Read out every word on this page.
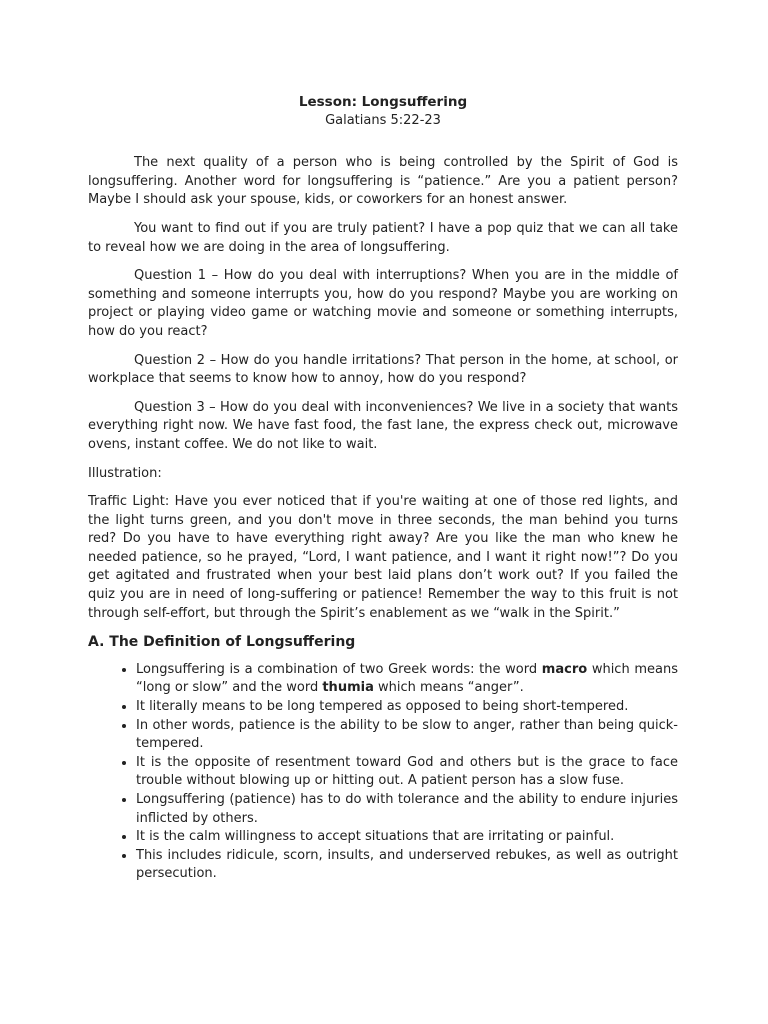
Lesson: Longsuffering

Galatians 5:22-23

The next quality of a person who is being controlled by the Spirit of God is longsuffering. Another word for longsuffering is “patience.” Are you a patient person? Maybe I should ask your spouse, kids, or coworkers for an honest answer.

You want to find out if you are truly patient? I have a pop quiz that we can all take to reveal how we are doing in the area of longsuffering.

Question 1 – How do you deal with interruptions? When you are in the middle of something and someone interrupts you, how do you respond? Maybe you are working on project or playing video game or watching movie and someone or something interrupts, how do you react?

Question 2 – How do you handle irritations? That person in the home, at school, or workplace that seems to know how to annoy, how do you respond?

Question 3 – How do you deal with inconveniences? We live in a society that wants everything right now. We have fast food, the fast lane, the express check out, microwave ovens, instant coffee. We do not like to wait.

Illustration:

Traffic Light: Have you ever noticed that if you're waiting at one of those red lights, and the light turns green, and you don't move in three seconds, the man behind you turns red? Do you have to have everything right away? Are you like the man who knew he needed patience, so he prayed, “Lord, I want patience, and I want it right now!”? Do you get agitated and frustrated when your best laid plans don’t work out? If you failed the quiz you are in need of long-suffering or patience! Remember the way to this fruit is not through self-effort, but through the Spirit’s enablement as we “walk in the Spirit.”

A. The Definition of Longsuffering
• Longsuffering is a combination of two Greek words: the word macro which means “long or slow” and the word thumia which means “anger”.
• It literally means to be long tempered as opposed to being short-tempered.
• In other words, patience is the ability to be slow to anger, rather than being quick-tempered.
• It is the opposite of resentment toward God and others but is the grace to face trouble without blowing up or hitting out. A patient person has a slow fuse.
• Longsuffering (patience) has to do with tolerance and the ability to endure injuries inflicted by others.
• It is the calm willingness to accept situations that are irritating or painful.
• This includes ridicule, scorn, insults, and underserved rebukes, as well as outright persecution.
